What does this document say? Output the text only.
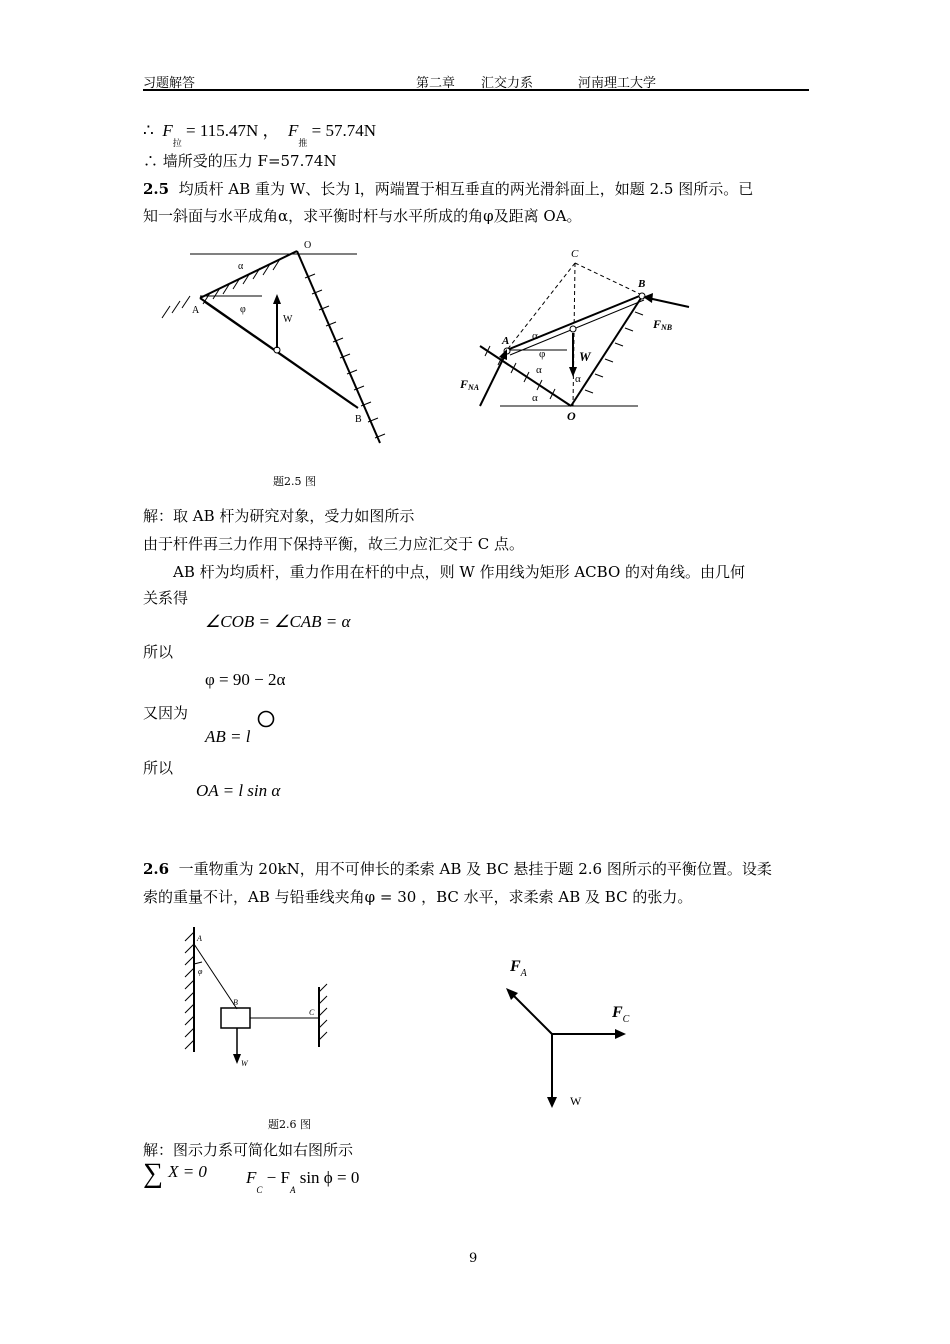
习题解答	第二章 汇交力系	河南理工大学
∴ $F_拉 = 115.47N$ ， $F_推 = 57.74N$
∴ 墙所受的压力 F=57.74N
2.5 均质杆 AB 重为 W、长为 l，两端置于相互垂直的两光滑斜面上，如题 2.5 图所示。已
知一斜面与水平成角α，求平衡时杆与水平所成的角φ及距离 OA。
O
A
B
α
φ
W
C
B
A
O
FNB
FNA
W
α
φ
α
α
α
题2.5 图
解：取 AB 杆为研究对象，受力如图所示
由于杆件再三力作用下保持平衡，故三力应汇交于 C 点。
AB 杆为均质杆，重力作用在杆的中点，则 W 作用线为矩形 ACBO 的对角线。由几何
关系得
∠COB = ∠CAB = α
所以
φ = 90 − 2α
又因为
AB = l
所以
OA = l sin α
2.6 一重物重为 20kN，用不可伸长的柔索 AB 及 BC 悬挂于题 2.6 图所示的平衡位置。设柔
索的重量不计，AB 与铅垂线夹角φ = 30 ，BC 水平，求柔索 AB 及 BC 的张力。
A
φ
B
C
W
题2.6 图
$F_A$
$F_C$
W
解：图示力系可简化如右图所示
∑ X = 0 $F_C - F_A$ sin ϕ = 0
9
